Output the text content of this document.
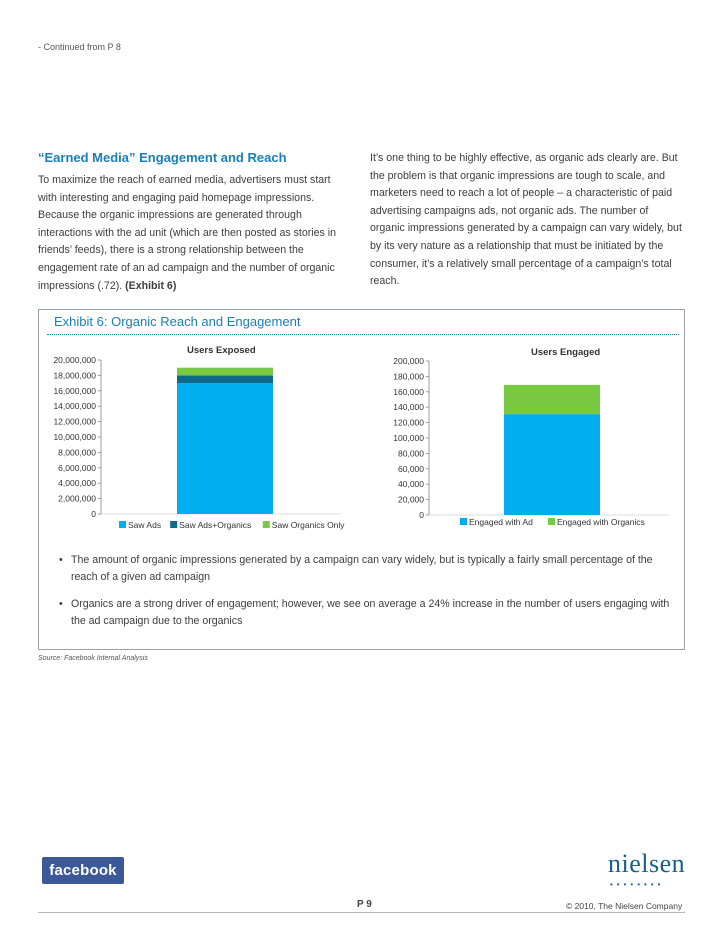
- Continued from P 8
“Earned Media” Engagement and Reach
To maximize the reach of earned media, advertisers must start with interesting and engaging paid homepage impressions. Because the organic impressions are generated through interactions with the ad unit (which are then posted as stories in friends’ feeds), there is a strong relationship between the engagement rate of an ad campaign and the number of organic impressions (.72). (Exhibit 6)
It’s one thing to be highly effective, as organic ads clearly are. But the problem is that organic impressions are tough to scale, and marketers need to reach a lot of people – a characteristic of paid advertising campaigns ads, not organic ads. The number of organic impressions generated by a campaign can vary widely, but by its very nature as a relationship that must be initiated by the consumer, it’s a relatively small percentage of a campaign’s total reach.
Exhibit 6: Organic Reach and Engagement
0
2,000,000
4,000,000
6,000,000
8,000,000
10,000,000
12,000,000
14,000,000
16,000,000
18,000,000
20,000,000
Users Exposed
Saw Ads Saw Ads+Organics Saw Organics Only
0
20,000
40,000
60,000
80,000
100,000
120,000
140,000
160,000
180,000
200,000
Users Engaged
Engaged with Ad	Engaged with Organics
• The amount of organic impressions generated by a campaign can vary widely, but is typically a fairly small percentage of the reach of a given ad campaign
• Organics are a strong driver of engagement; however, we see on average a 24% increase in the number of users engaging with the ad campaign due to the organics
Source: Facebook Internal Analysis
facebook	nielsen
••••••••
P 9	© 2010, The Nielsen Company
